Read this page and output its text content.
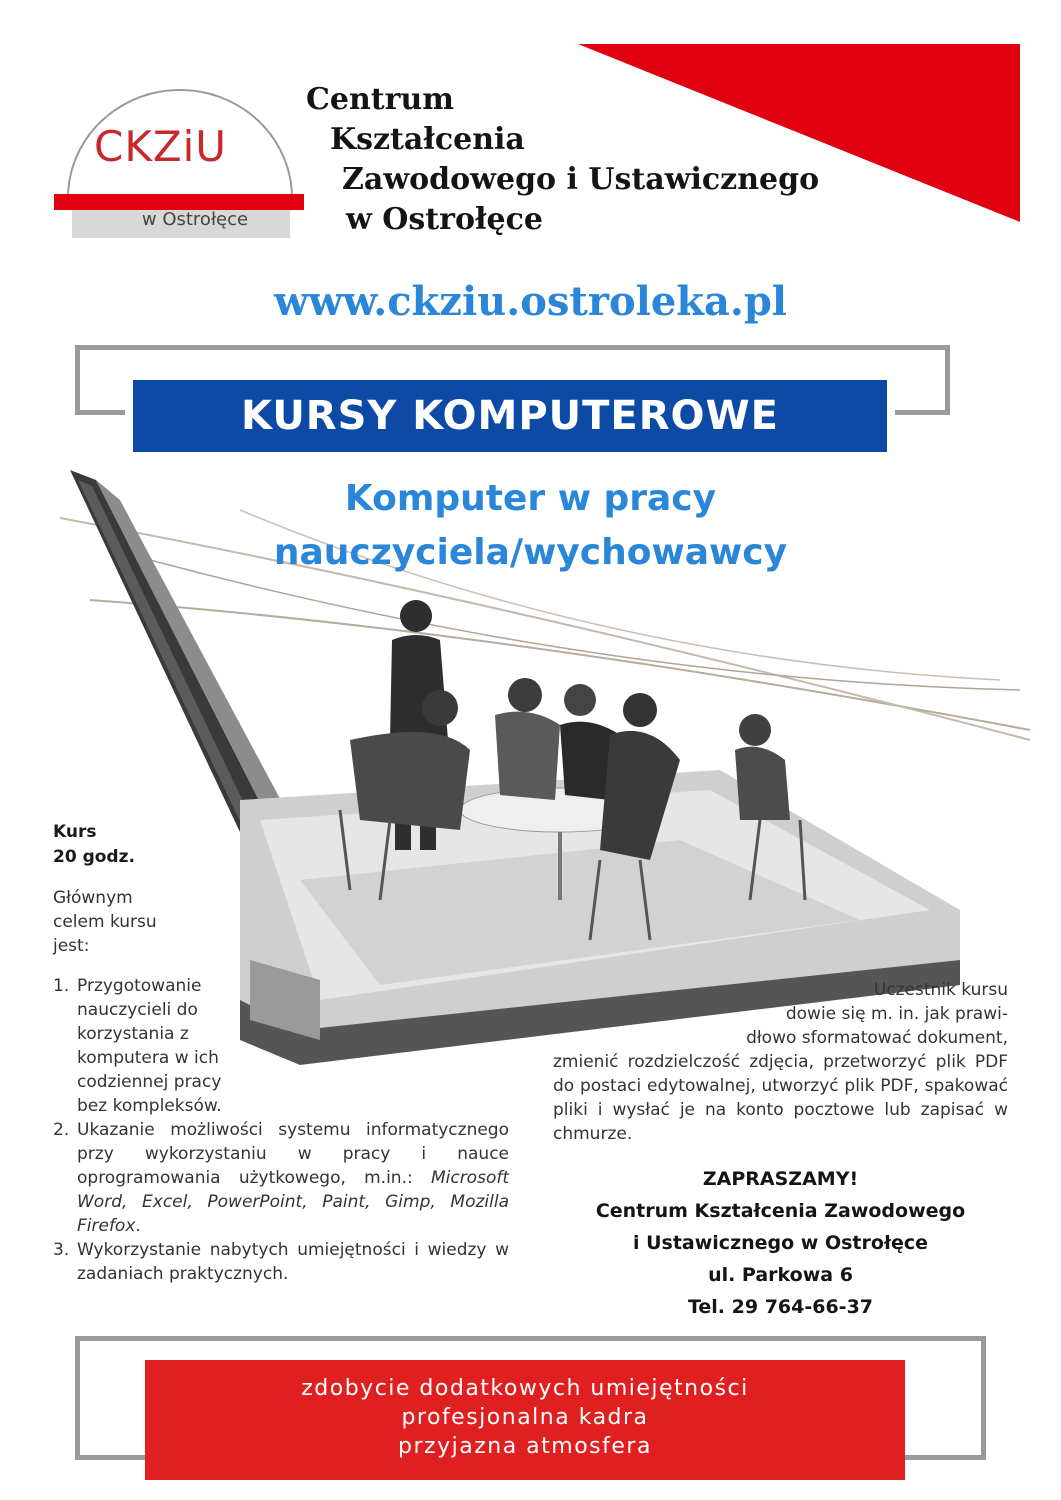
CKZiU
w Ostrołęce
Centrum
Kształcenia
Zawodowego i Ustawicznego
w Ostrołęce
www.ckziu.ostroleka.pl
KURSY KOMPUTEROWE
Komputer w pracy
nauczyciela/wychowawcy
Kurs
20 godz.
Głównym celem kursu jest:
1. Przygotowanie nauczycieli do korzystania z komputera w ich codziennej pracy bez kompleksów.
2. Ukazanie możliwości systemu informatycznego przy wykorzystaniu w pracy i nauce oprogramowania użytkowego, m.in.: Microsoft Word, Excel, PowerPoint, Paint, Gimp, Mozilla Firefox.
3. Wykorzystanie nabytych umiejętności i wiedzy w zadaniach praktycznych.
Uczestnik kursu
dowie się m. in. jak prawi-
dłowo sformatować dokument,
zmienić rozdzielczość zdjęcia, przetworzyć plik PDF do postaci edytowalnej, utworzyć plik PDF, spakować pliki i wysłać je na konto pocztowe lub zapisać w chmurze.
ZAPRASZAMY!
Centrum Kształcenia Zawodowego
i Ustawicznego w Ostrołęce
ul. Parkowa 6
Tel. 29 764-66-37
zdobycie dodatkowych umiejętności
profesjonalna kadra
przyjazna atmosfera
